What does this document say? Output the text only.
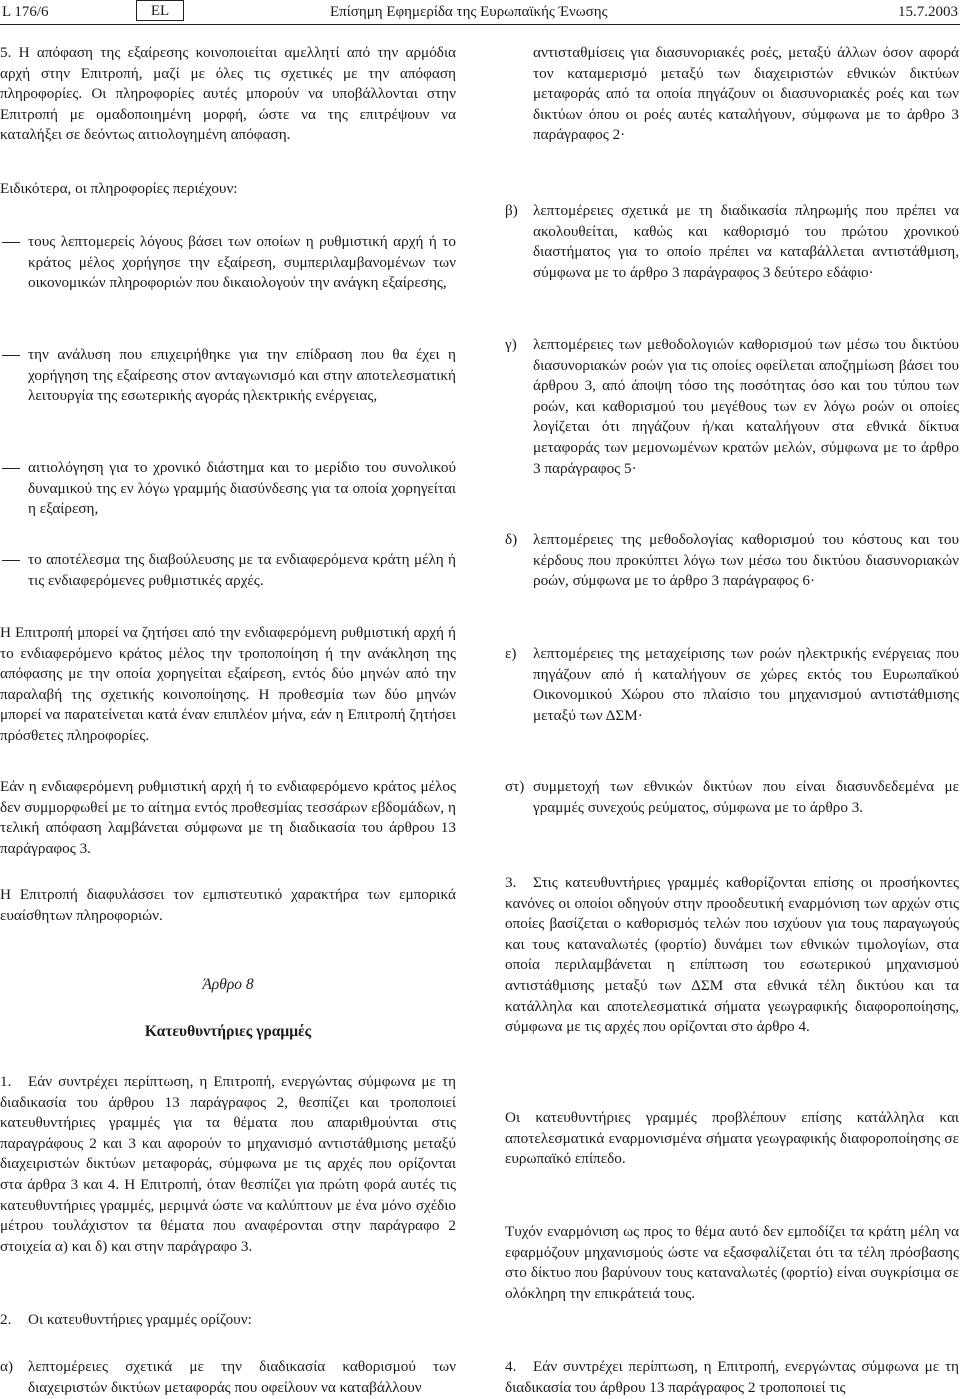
L 176/6	EL	Επίσημη Εφημερίδα της Ευρωπαϊκής Ένωσης	15.7.2003

5. Η απόφαση της εξαίρεσης κοινοποιείται αμελλητί από την αρμόδια αρχή στην Επιτροπή, μαζί με όλες τις σχετικές με την απόφαση πληροφορίες. Οι πληροφορίες αυτές μπορούν να υποβάλλονται στην Επιτροπή με ομαδοποιημένη μορφή, ώστε να της επιτρέψουν να καταλήξει σε δεόντως αιτιολογημένη απόφαση.

Ειδικότερα, οι πληροφορίες περιέχουν:

τους λεπτομερείς λόγους βάσει των οποίων η ρυθμιστική αρχή ή το κράτος μέλος χορήγησε την εξαίρεση, συμπεριλαμβανομένων των οικονομικών πληροφοριών που δικαιολογούν την ανάγκη εξαίρεσης,
την ανάλυση που επιχειρήθηκε για την επίδραση που θα έχει η χορήγηση της εξαίρεσης στον ανταγωνισμό και στην αποτελεσματική λειτουργία της εσωτερικής αγοράς ηλεκτρικής ενέργειας,
αιτιολόγηση για το χρονικό διάστημα και το μερίδιο του συνολικού δυναμικού της εν λόγω γραμμής διασύνδεσης για τα οποία χορηγείται η εξαίρεση,
το αποτέλεσμα της διαβούλευσης με τα ενδιαφερόμενα κράτη μέλη ή τις ενδιαφερόμενες ρυθμιστικές αρχές.

Η Επιτροπή μπορεί να ζητήσει από την ενδιαφερόμενη ρυθμιστική αρχή ή το ενδιαφερόμενο κράτος μέλος την τροποποίηση ή την ανάκληση της απόφασης με την οποία χορηγείται εξαίρεση, εντός δύο μηνών από την παραλαβή της σχετικής κοινοποίησης. Η προθεσμία των δύο μηνών μπορεί να παρατείνεται κατά έναν επιπλέον μήνα, εάν η Επιτροπή ζητήσει πρόσθετες πληροφορίες.

Εάν η ενδιαφερόμενη ρυθμιστική αρχή ή το ενδιαφερόμενο κράτος μέλος δεν συμμορφωθεί με το αίτημα εντός προθεσμίας τεσσάρων εβδομάδων, η τελική απόφαση λαμβάνεται σύμφωνα με τη διαδικασία του άρθρου 13 παράγραφος 3.

Η Επιτροπή διαφυλάσσει τον εμπιστευτικό χαρακτήρα των εμπορικά ευαίσθητων πληροφοριών.

Άρθρο 8
Κατευθυντήριες γραμμές

1. Εάν συντρέχει περίπτωση, η Επιτροπή, ενεργώντας σύμφωνα με τη διαδικασία του άρθρου 13 παράγραφος 2, θεσπίζει και τροποποιεί κατευθυντήριες γραμμές για τα θέματα που απαριθμούνται στις παραγράφους 2 και 3 και αφορούν το μηχανισμό αντιστάθμισης μεταξύ διαχειριστών δικτύων μεταφοράς, σύμφωνα με τις αρχές που ορίζονται στα άρθρα 3 και 4. Η Επιτροπή, όταν θεσπίζει για πρώτη φορά αυτές τις κατευθυντήριες γραμμές, μεριμνά ώστε να καλύπτουν με ένα μόνο σχέδιο μέτρου τουλάχιστον τα θέματα που αναφέρονται στην παράγραφο 2 στοιχεία α) και δ) και στην παράγραφο 3.

2. Οι κατευθυντήριες γραμμές ορίζουν:

α) λεπτομέρειες σχετικά με την διαδικασία καθορισμού των διαχειριστών δικτύων μεταφοράς που οφείλουν να καταβάλλουν
αντισταθμίσεις για διασυνοριακές ροές, μεταξύ άλλων όσον αφορά τον καταμερισμό μεταξύ των διαχειριστών εθνικών δικτύων μεταφοράς από τα οποία πηγάζουν οι διασυνοριακές ροές και των δικτύων όπου οι ροές αυτές καταλήγουν, σύμφωνα με το άρθρο 3 παράγραφος 2·
β)	λεπτομέρειες σχετικά με τη διαδικασία πληρωμής που πρέπει να ακολουθείται, καθώς και καθορισμό του πρώτου χρονικού διαστήματος για το οποίο πρέπει να καταβάλλεται αντιστάθμιση, σύμφωνα με το άρθρο 3 παράγραφος 3 δεύτερο εδάφιο·
γ)	λεπτομέρειες των μεθοδολογιών καθορισμού των μέσω του δικτύου διασυνοριακών ροών για τις οποίες οφείλεται αποζημίωση βάσει του άρθρου 3, από άποψη τόσο της ποσότητας όσο και του τύπου των ροών, και καθορισμού του μεγέθους των εν λόγω ροών οι οποίες λογίζεται ότι πηγάζουν ή/και καταλήγουν στα εθνικά δίκτυα μεταφοράς των μεμονωμένων κρατών μελών, σύμφωνα με το άρθρο 3 παράγραφος 5·
δ)	λεπτομέρειες της μεθοδολογίας καθορισμού του κόστους και του κέρδους που προκύπτει λόγω των μέσω του δικτύου διασυνοριακών ροών, σύμφωνα με το άρθρο 3 παράγραφος 6·
ε)	λεπτομέρειες της μεταχείρισης των ροών ηλεκτρικής ενέργειας που πηγάζουν από ή καταλήγουν σε χώρες εκτός του Ευρωπαϊκού Οικονομικού Χώρου στο πλαίσιο του μηχανισμού αντιστάθμισης μεταξύ των ΔΣΜ·
στ) συμμετοχή των εθνικών δικτύων που είναι διασυνδεδεμένα με γραμμές συνεχούς ρεύματος, σύμφωνα με το άρθρο 3.

3. Στις κατευθυντήριες γραμμές καθορίζονται επίσης οι προσήκοντες κανόνες οι οποίοι οδηγούν στην προοδευτική εναρμόνιση των αρχών στις οποίες βασίζεται ο καθορισμός τελών που ισχύουν για τους παραγωγούς και τους καταναλωτές (φορτίο) δυνάμει των εθνικών τιμολογίων, στα οποία περιλαμβάνεται η επίπτωση του εσωτερικού μηχανισμού αντιστάθμισης μεταξύ των ΔΣΜ στα εθνικά τέλη δικτύου και τα κατάλληλα και αποτελεσματικά σήματα γεωγραφικής διαφοροποίησης, σύμφωνα με τις αρχές που ορίζονται στο άρθρο 4.

Οι κατευθυντήριες γραμμές προβλέπουν επίσης κατάλληλα και αποτελεσματικά εναρμονισμένα σήματα γεωγραφικής διαφοροποίησης σε ευρωπαϊκό επίπεδο.

Τυχόν εναρμόνιση ως προς το θέμα αυτό δεν εμποδίζει τα κράτη μέλη να εφαρμόζουν μηχανισμούς ώστε να εξασφαλίζεται ότι τα τέλη πρόσβασης στο δίκτυο που βαρύνουν τους καταναλωτές (φορτίο) είναι συγκρίσιμα σε ολόκληρη την επικράτειά τους.

4. Εάν συντρέχει περίπτωση, η Επιτροπή, ενεργώντας σύμφωνα με τη διαδικασία του άρθρου 13 παράγραφος 2 τροποποιεί τις
